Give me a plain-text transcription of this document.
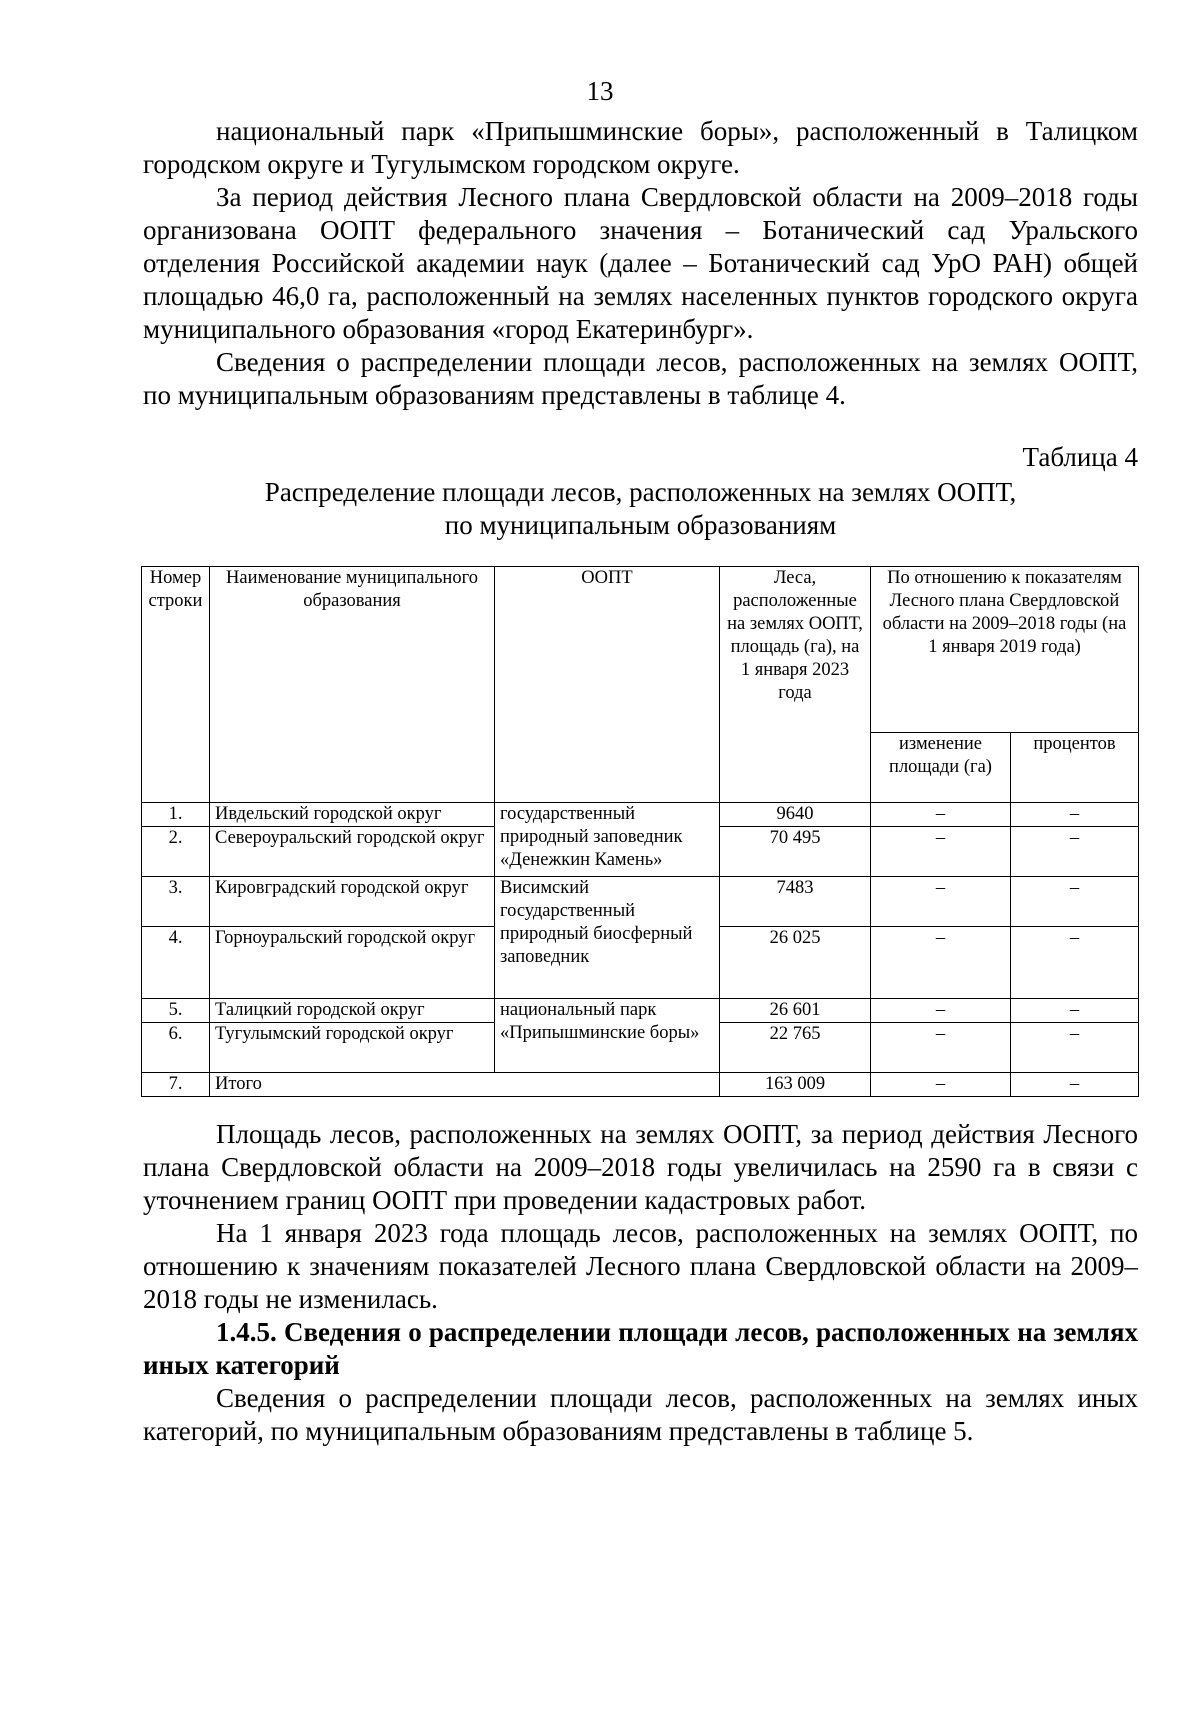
13

национальный парк «Припышминские боры», расположенный в Талицком городском округе и Тугулымском городском округе.

За период действия Лесного плана Свердловской области на 2009–2018 годы организована ООПТ федерального значения – Ботанический сад Уральского отделения Российской академии наук (далее – Ботанический сад УрО РАН) общей площадью 46,0 га, расположенный на землях населенных пунктов городского округа муниципального образования «город Екатеринбург».

Сведения о распределении площади лесов, расположенных на землях ООПТ, по муниципальным образованиям представлены в таблице 4.

Таблица 4
Распределение площади лесов, расположенных на землях ООПТ,
по муниципальным образованиям
Номер строки	Наименование муниципального образования	ООПТ	Леса, расположенные на землях ООПТ, площадь (га), на 1 января 2023 года	По отношению к показателям Лесного плана Свердловской области на 2009–2018 годы (на 1 января 2019 года)	
				изменение площади (га)	процентов
1.	Ивдельский городской округ	государственный природный заповедник «Денежкин Камень»	9640	–	–
2.	Североуральский городской округ		70 495	–	–
3.	Кировградский городской округ	Висимский государственный природный биосферный заповедник	7483	–	–
4.	Горноуральский городской округ		26 025	–	–
5.	Талицкий городской округ	национальный парк «Припышминские боры»	26 601	–	–
6.	Тугулымский городской округ		22 765	–	–
7.	Итого		163 009	–	–

Площадь лесов, расположенных на землях ООПТ, за период действия Лесного плана Свердловской области на 2009–2018 годы увеличилась на 2590 га в связи с уточнением границ ООПТ при проведении кадастровых работ.

На 1 января 2023 года площадь лесов, расположенных на землях ООПТ, по отношению к значениям показателей Лесного плана Свердловской области на 2009–2018 годы не изменилась.

1.4.5. Сведения о распределении площади лесов, расположенных на землях иных категорий

Сведения о распределении площади лесов, расположенных на землях иных категорий, по муниципальным образованиям представлены в таблице 5.
